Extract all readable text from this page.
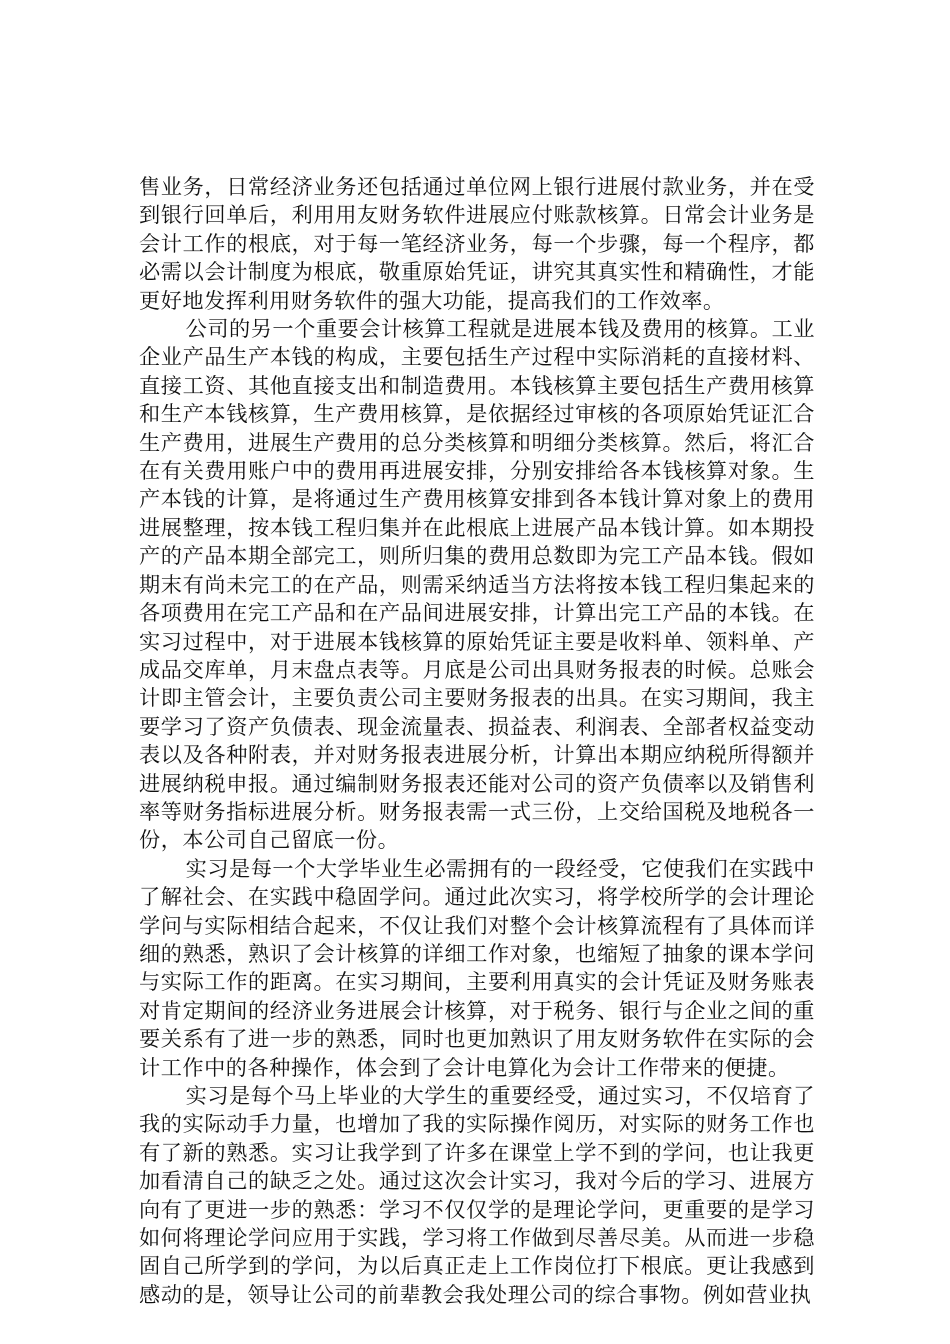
售业务，日常经济业务还包括通过单位网上银行进展付款业务，并在受到银行回单后，利用用友财务软件进展应付账款核算。日常会计业务是会计工作的根底，对于每一笔经济业务，每一个步骤，每一个程序，都必需以会计制度为根底，敬重原始凭证，讲究其真实性和精确性，才能更好地发挥利用财务软件的强大功能，提高我们的工作效率。

公司的另一个重要会计核算工程就是进展本钱及费用的核算。工业企业产品生产本钱的构成，主要包括生产过程中实际消耗的直接材料、直接工资、其他直接支出和制造费用。本钱核算主要包括生产费用核算和生产本钱核算，生产费用核算，是依据经过审核的各项原始凭证汇合生产费用，进展生产费用的总分类核算和明细分类核算。然后，将汇合在有关费用账户中的费用再进展安排，分别安排给各本钱核算对象。生产本钱的计算，是将通过生产费用核算安排到各本钱计算对象上的费用进展整理，按本钱工程归集并在此根底上进展产品本钱计算。如本期投产的产品本期全部完工，则所归集的费用总数即为完工产品本钱。假如期末有尚未完工的在产品，则需采纳适当方法将按本钱工程归集起来的各项费用在完工产品和在产品间进展安排，计算出完工产品的本钱。在实习过程中，对于进展本钱核算的原始凭证主要是收料单、领料单、产成品交库单，月末盘点表等。月底是公司出具财务报表的时候。总账会计即主管会计，主要负责公司主要财务报表的出具。在实习期间，我主要学习了资产负债表、现金流量表、损益表、利润表、全部者权益变动表以及各种附表，并对财务报表进展分析，计算出本期应纳税所得额并进展纳税申报。通过编制财务报表还能对公司的资产负债率以及销售利率等财务指标进展分析。财务报表需一式三份，上交给国税及地税各一份，本公司自己留底一份。

实习是每一个大学毕业生必需拥有的一段经受，它使我们在实践中了解社会、在实践中稳固学问。通过此次实习，将学校所学的会计理论学问与实际相结合起来，不仅让我们对整个会计核算流程有了具体而详细的熟悉，熟识了会计核算的详细工作对象，也缩短了抽象的课本学问与实际工作的距离。在实习期间，主要利用真实的会计凭证及财务账表对肯定期间的经济业务进展会计核算，对于税务、银行与企业之间的重要关系有了进一步的熟悉，同时也更加熟识了用友财务软件在实际的会计工作中的各种操作，体会到了会计电算化为会计工作带来的便捷。

实习是每个马上毕业的大学生的重要经受，通过实习，不仅培育了我的实际动手力量，也增加了我的实际操作阅历，对实际的财务工作也有了新的熟悉。实习让我学到了许多在课堂上学不到的学问，也让我更加看清自己的缺乏之处。通过这次会计实习，我对今后的学习、进展方向有了更进一步的熟悉：学习不仅仅学的是理论学问，更重要的是学习如何将理论学问应用于实践，学习将工作做到尽善尽美。从而进一步稳固自己所学到的学问，为以后真正走上工作岗位打下根底。更让我感到感动的是，领导让公司的前辈教会我处理公司的综合事物。例如营业执
